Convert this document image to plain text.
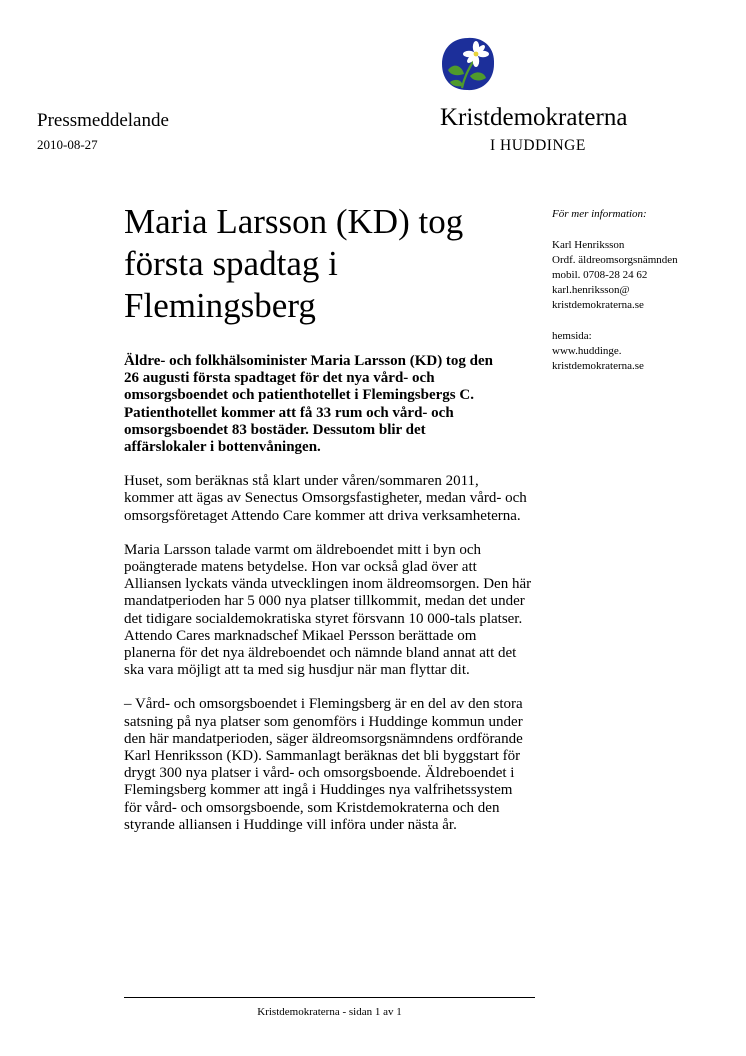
Kristdemokraterna
I HUDDINGE
Pressmeddelande
2010-08-27
Maria Larsson (KD) tog
första spadtag i
Flemingsberg
För mer information:
Karl Henriksson
Ordf. äldreomsorgsnämnden
mobil. 0708-28 24 62
karl.henriksson@
kristdemokraterna.se
hemsida:
www.huddinge.
kristdemokraterna.se

Äldre- och folkhälsominister Maria Larsson (KD) tog den
26 augusti första spadtaget för det nya vård- och
omsorgsboendet och patienthotellet i Flemingsbergs C.
Patienthotellet kommer att få 33 rum och vård- och
omsorgsboendet 83 bostäder. Dessutom blir det
affärslokaler i bottenvåningen.

Huset, som beräknas stå klart under våren/sommaren 2011,
kommer att ägas av Senectus Omsorgsfastigheter, medan vård- och
omsorgsföretaget Attendo Care kommer att driva verksamheterna.

Maria Larsson talade varmt om äldreboendet mitt i byn och
poängterade matens betydelse. Hon var också glad över att
Alliansen lyckats vända utvecklingen inom äldreomsorgen. Den här
mandatperioden har 5 000 nya platser tillkommit, medan det under
det tidigare socialdemokratiska styret försvann 10 000-tals platser.
Attendo Cares marknadschef Mikael Persson berättade om
planerna för det nya äldreboendet och nämnde bland annat att det
ska vara möjligt att ta med sig husdjur när man flyttar dit.

– Vård- och omsorgsboendet i Flemingsberg är en del av den stora
satsning på nya platser som genomförs i Huddinge kommun under
den här mandatperioden, säger äldreomsorgsnämndens ordförande
Karl Henriksson (KD). Sammanlagt beräknas det bli byggstart för
drygt 300 nya platser i vård- och omsorgsboende. Äldreboendet i
Flemingsberg kommer att ingå i Huddinges nya valfrihetssystem
för vård- och omsorgsboende, som Kristdemokraterna och den
styrande alliansen i Huddinge vill införa under nästa år.

Kristdemokraterna - sidan 1 av 1
